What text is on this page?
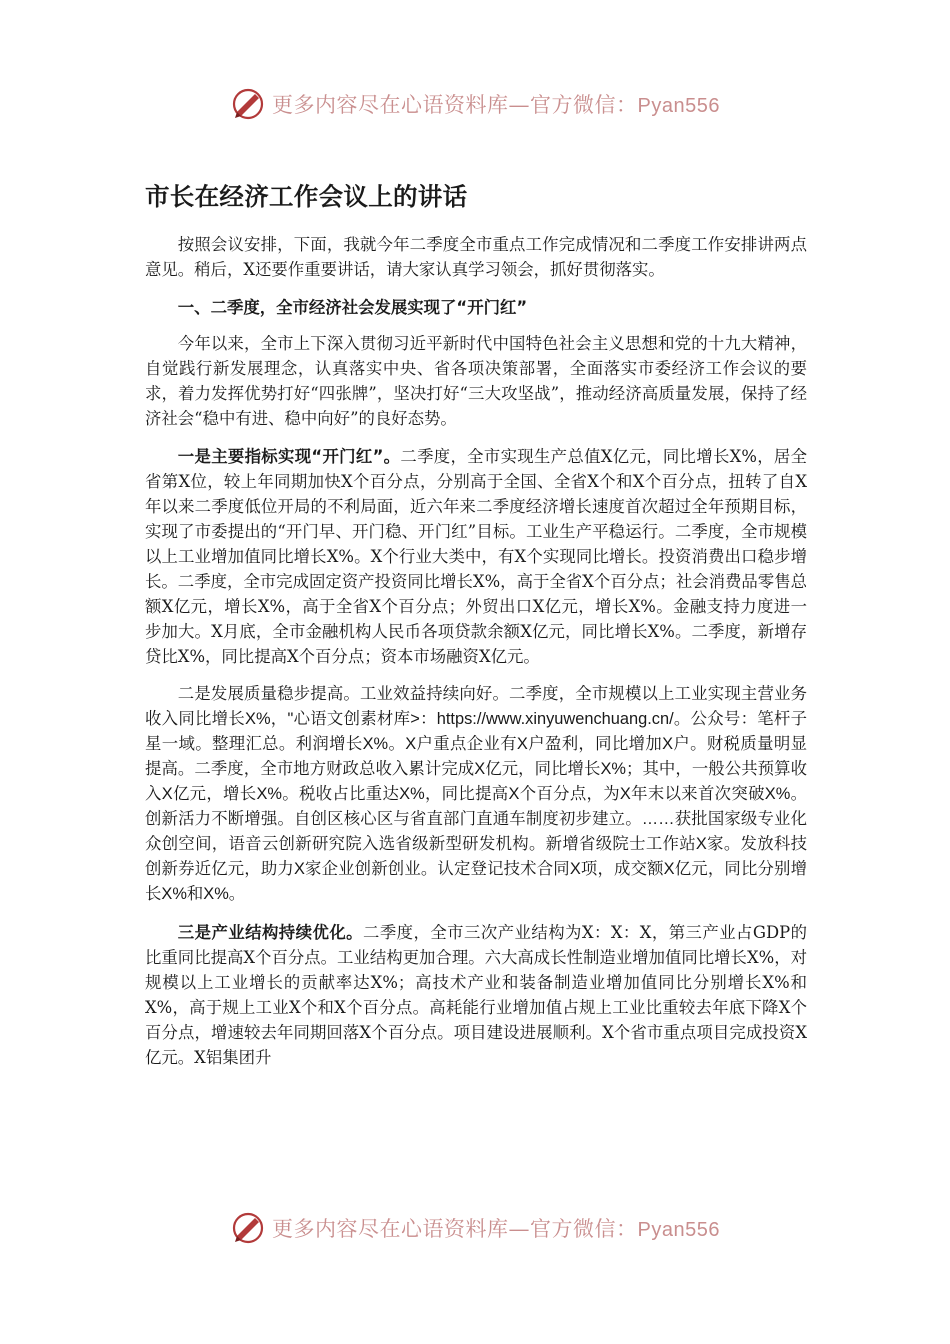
更多内容尽在心语资料库—官方微信：Pyan556
市长在经济工作会议上的讲话

按照会议安排，下面，我就今年二季度全市重点工作完成情况和二季度工作安排讲两点意见。稍后，X还要作重要讲话，请大家认真学习领会，抓好贯彻落实。

一、二季度，全市经济社会发展实现了“开门红”

今年以来，全市上下深入贯彻习近平新时代中国特色社会主义思想和党的十九大精神，自觉践行新发展理念，认真落实中央、省各项决策部署，全面落实市委经济工作会议的要求，着力发挥优势打好“四张牌”，坚决打好“三大攻坚战”，推动经济高质量发展，保持了经济社会“稳中有进、稳中向好”的良好态势。

一是主要指标实现“开门红”。二季度，全市实现生产总值X亿元，同比增长X%，居全省第X位，较上年同期加快X个百分点，分别高于全国、全省X个和X个百分点，扭转了自X年以来二季度低位开局的不利局面，近六年来二季度经济增长速度首次超过全年预期目标，实现了市委提出的“开门早、开门稳、开门红”目标。工业生产平稳运行。二季度，全市规模以上工业增加值同比增长X%。X个行业大类中，有X个实现同比增长。投资消费出口稳步增长。二季度，全市完成固定资产投资同比增长X%，高于全省X个百分点；社会消费品零售总额X亿元，增长X%，高于全省X个百分点；外贸出口X亿元，增长X%。金融支持力度进一步加大。X月底，全市金融机构人民币各项贷款余额X亿元，同比增长X%。二季度，新增存贷比X%，同比提高X个百分点；资本市场融资X亿元。

二是发展质量稳步提高。工业效益持续向好。二季度，全市规模以上工业实现主营业务收入同比增长X%，"心语文创素材库>：https://www.xinyuwenchuang.cn/。公众号：笔杆子星一域。整理汇总。利润增长X%。X户重点企业有X户盈利，同比增加X户。财税质量明显提高。二季度，全市地方财政总收入累计完成X亿元，同比增长X%；其中，一般公共预算收入X亿元，增长X%。税收占比重达X%，同比提高X个百分点，为X年末以来首次突破X%。创新活力不断增强。自创区核心区与省直部门直通车制度初步建立。……获批国家级专业化众创空间，语音云创新研究院入选省级新型研发机构。新增省级院士工作站X家。发放科技创新券近亿元，助力X家企业创新创业。认定登记技术合同X项，成交额X亿元，同比分别增长X%和X%。

三是产业结构持续优化。二季度，全市三次产业结构为X：X：X，第三产业占GDP的比重同比提高X个百分点。工业结构更加合理。六大高成长性制造业增加值同比增长X%，对规模以上工业增长的贡献率达X%；高技术产业和装备制造业增加值同比分别增长X%和X%，高于规上工业X个和X个百分点。高耗能行业增加值占规上工业比重较去年底下降X个百分点，增速较去年同期回落X个百分点。项目建设进展顺利。X个省市重点项目完成投资X亿元。X铝集团升

更多内容尽在心语资料库—官方微信：Pyan556
